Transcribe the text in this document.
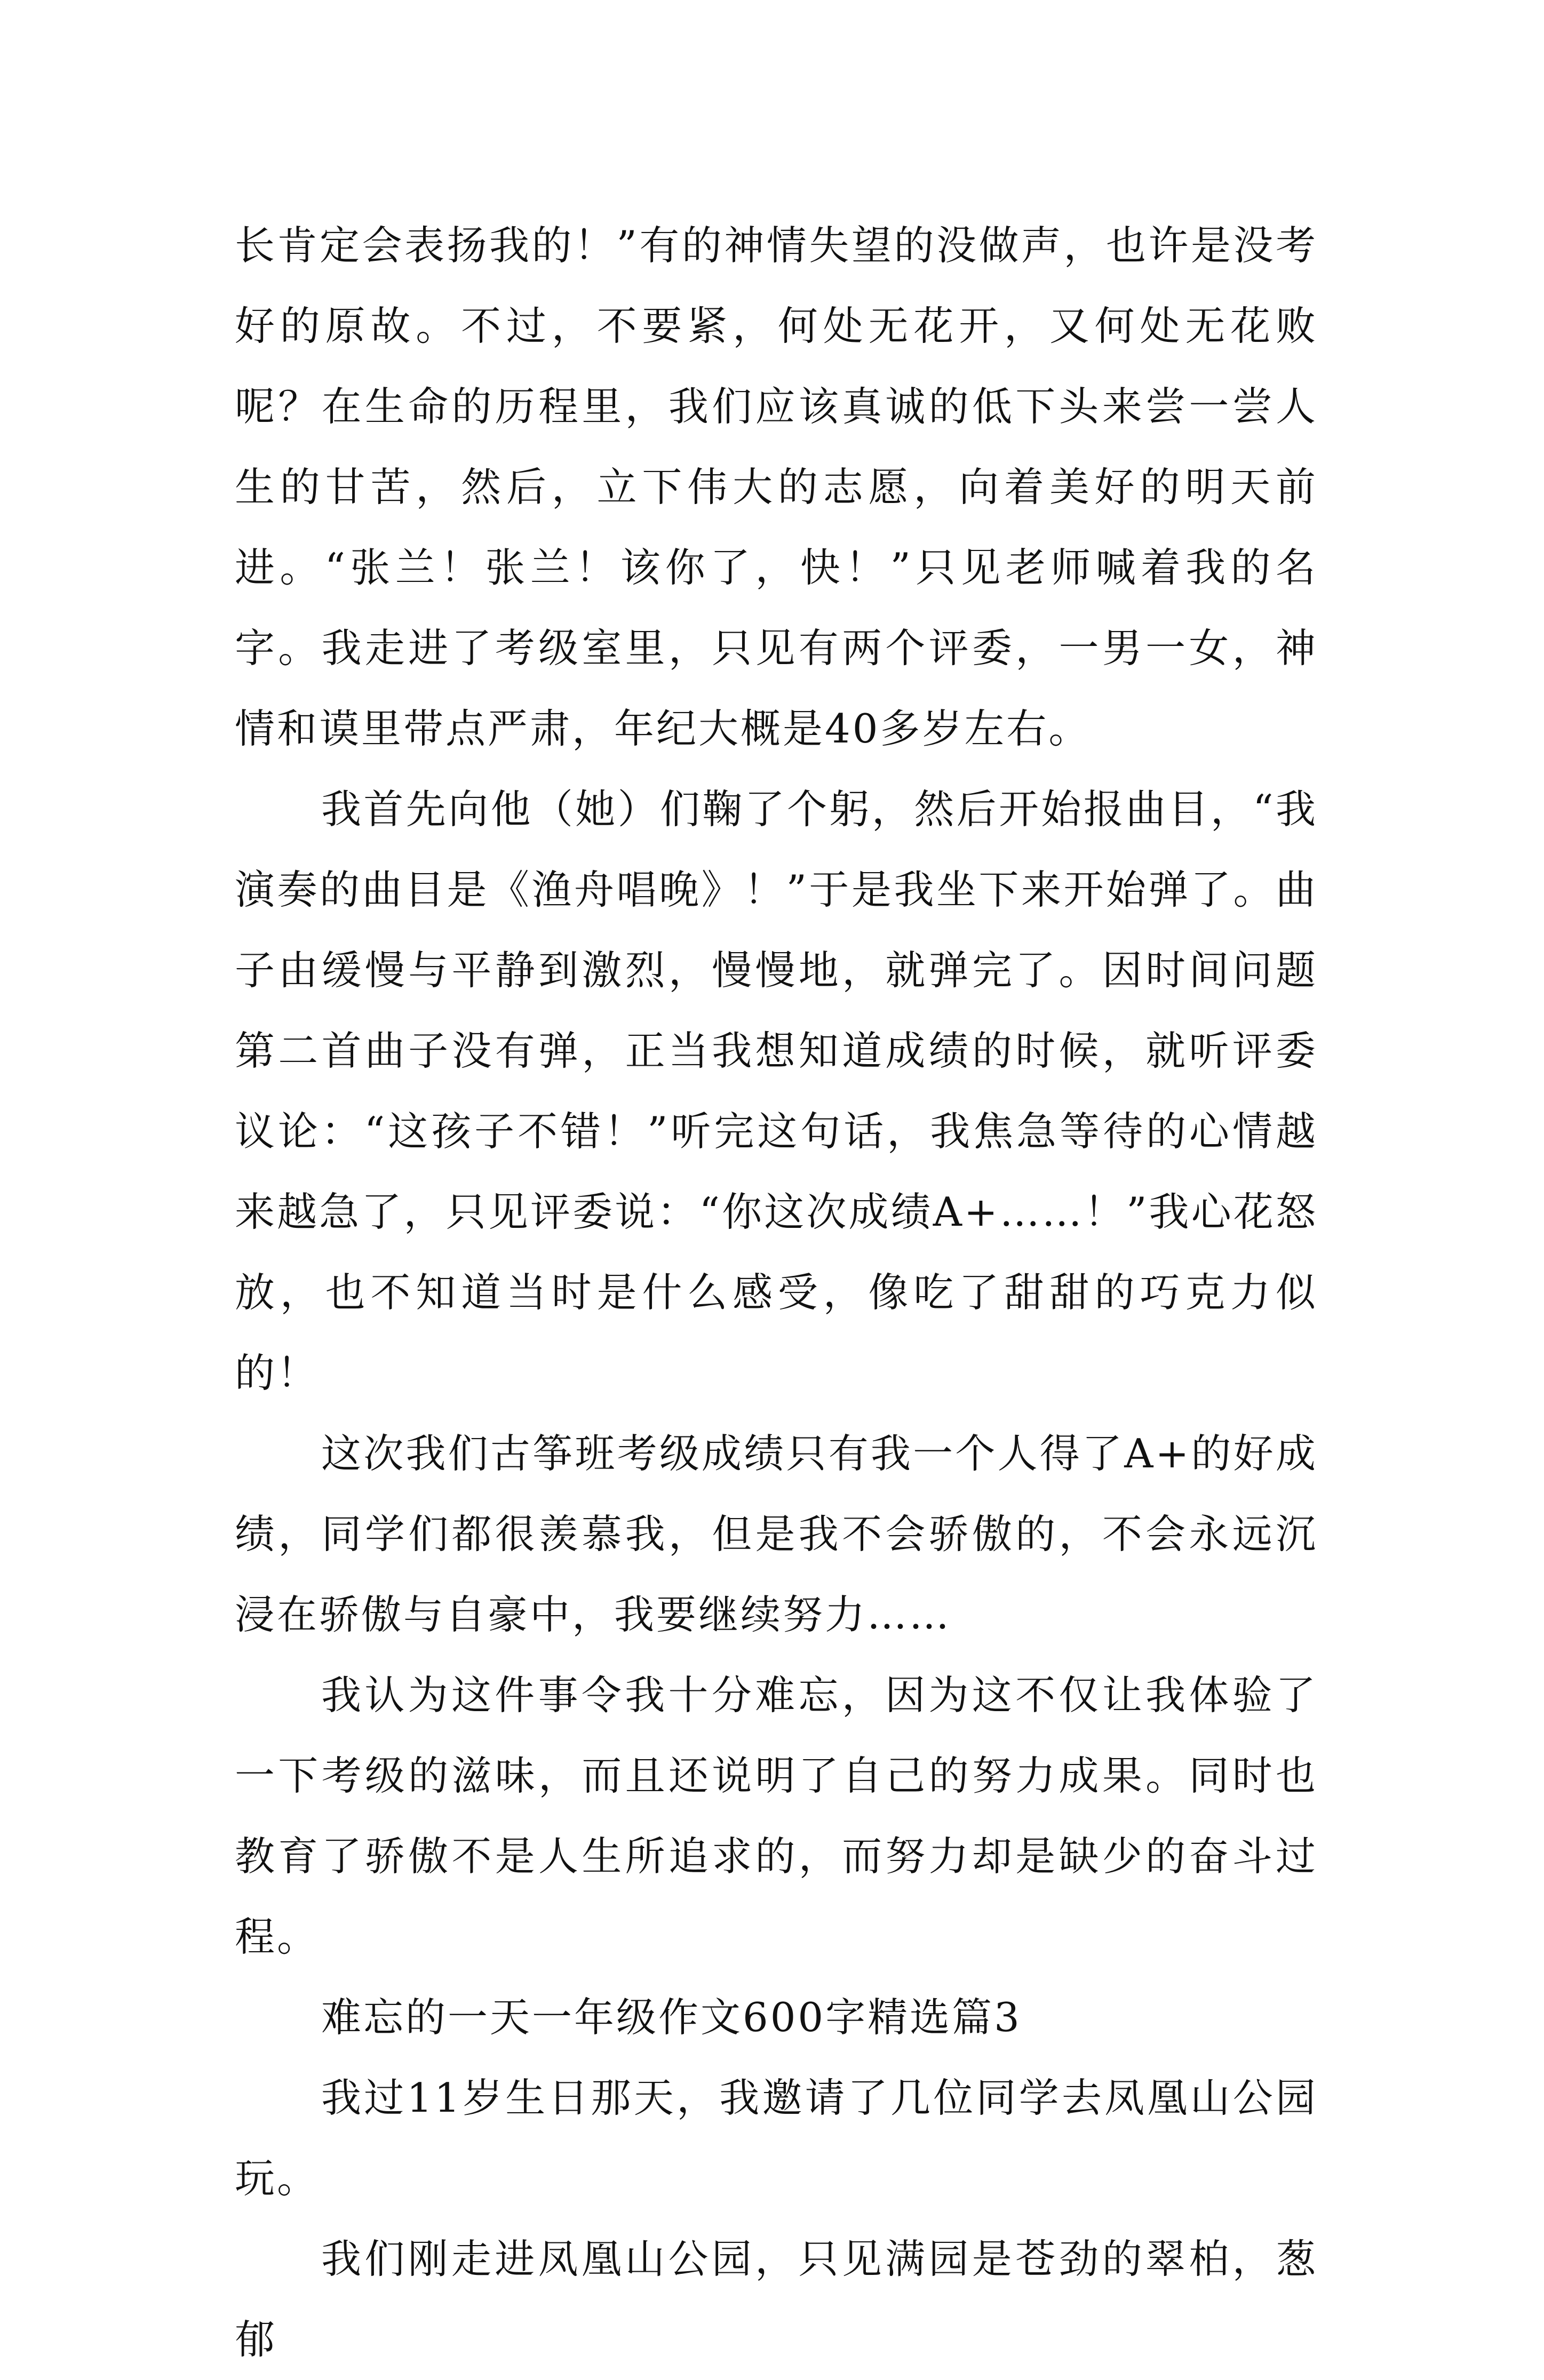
长肯定会表扬我的！”有的神情失望的没做声，也许是没考好的原故。不过，不要紧，何处无花开，又何处无花败呢？在生命的历程里，我们应该真诚的低下头来尝一尝人生的甘苦，然后，立下伟大的志愿，向着美好的明天前进。“张兰！张兰！该你了，快！”只见老师喊着我的名字。我走进了考级室里，只见有两个评委，一男一女，神情和谟里带点严肃，年纪大概是40多岁左右。

我首先向他（她）们鞠了个躬，然后开始报曲目，“我演奏的曲目是《渔舟唱晚》！”于是我坐下来开始弹了。曲子由缓慢与平静到激烈，慢慢地，就弹完了。因时间问题第二首曲子没有弹，正当我想知道成绩的时候，就听评委议论：“这孩子不错！”听完这句话，我焦急等待的心情越来越急了，只见评委说：“你这次成绩A+……！”我心花怒放，也不知道当时是什么感受，像吃了甜甜的巧克力似的！

这次我们古筝班考级成绩只有我一个人得了A+的好成绩，同学们都很羡慕我，但是我不会骄傲的，不会永远沉浸在骄傲与自豪中，我要继续努力……

我认为这件事令我十分难忘，因为这不仅让我体验了一下考级的滋味，而且还说明了自己的努力成果。同时也教育了骄傲不是人生所追求的，而努力却是缺少的奋斗过程。

难忘的一天一年级作文600字精选篇3

我过11岁生日那天，我邀请了几位同学去凤凰山公园玩。

我们刚走进凤凰山公园，只见满园是苍劲的翠柏，葱郁
